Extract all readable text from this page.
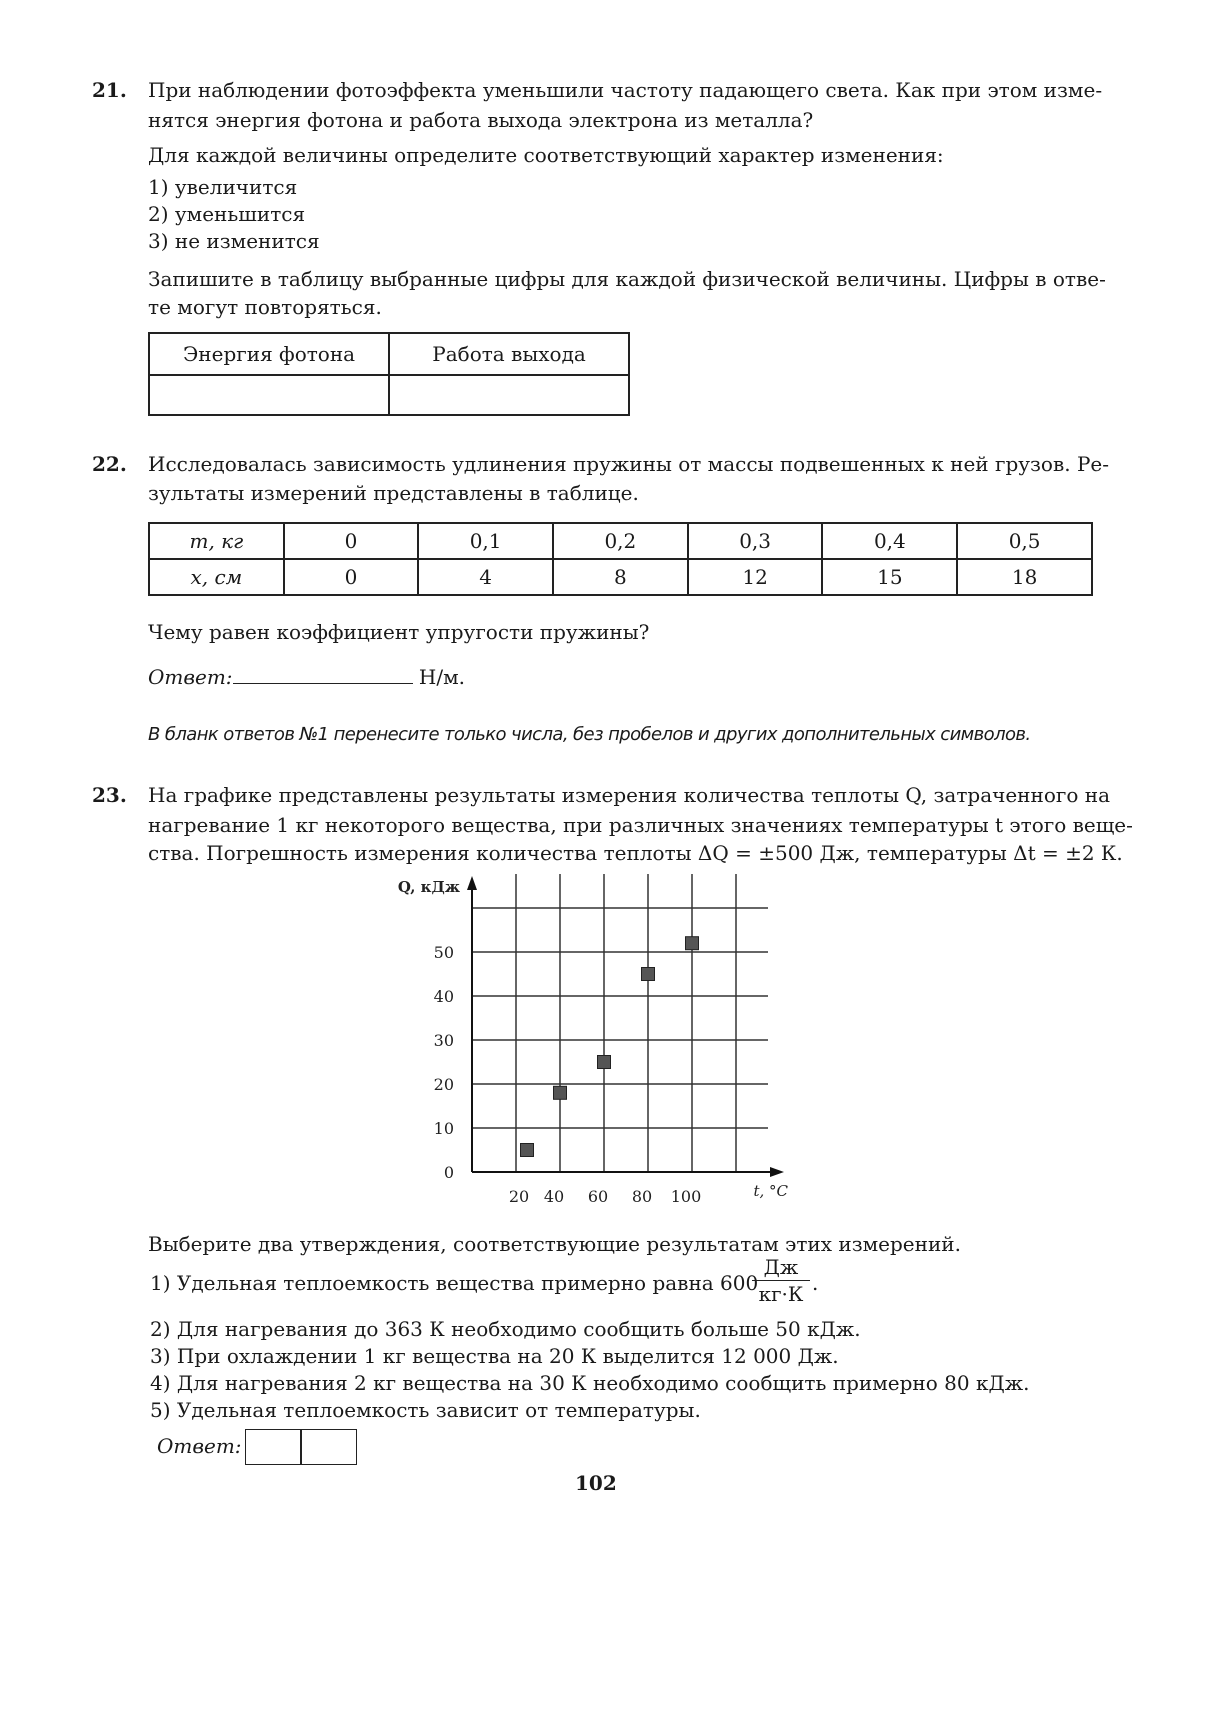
21. При наблюдении фотоэффекта уменьшили частоту падающего света. Как при этом изме-
нятся энергия фотона и работа выхода электрона из металла?
Для каждой величины определите соответствующий характер изменения:
1) увеличится
2) уменьшится
3) не изменится
Запишите в таблицу выбранные цифры для каждой физической величины. Цифры в отве-
те могут повторяться.
Энергия фотона	Работа выхода

22. Исследовалась зависимость удлинения пружины от массы подвешенных к ней грузов. Ре-
зультаты измерений представлены в таблице.
m, кг	0	0,1	0,2	0,3	0,4	0,5
x, см	0	4	8	12	15	18
Чему равен коэффициент упругости пружины?
Ответ:	Н/м.
В бланк ответов №1 перенесите только числа, без пробелов и других дополнительных символов.
23. На графике представлены результаты измерения количества теплоты Q, затраченного на
нагревание 1 кг некоторого вещества, при различных значениях температуры t этого веще-
ства. Погрешность измерения количества теплоты ΔQ = ±500 Дж, температуры Δt = ±2 К.
0
10
20
30
40
50
20 40 60 80 100
Q, кДж
t, °C
Выберите два утверждения, соответствующие результатам этих измерений.
1) Удельная теплоемкость вещества примерно равна 600
Дж
кг·К .
2) Для нагревания до 363 К необходимо сообщить больше 50 кДж.
3) При охлаждении 1 кг вещества на 20 К выделится 12 000 Дж.
4) Для нагревания 2 кг вещества на 30 К необходимо сообщить примерно 80 кДж.
5) Удельная теплоемкость зависит от температуры.
Ответ:
102
